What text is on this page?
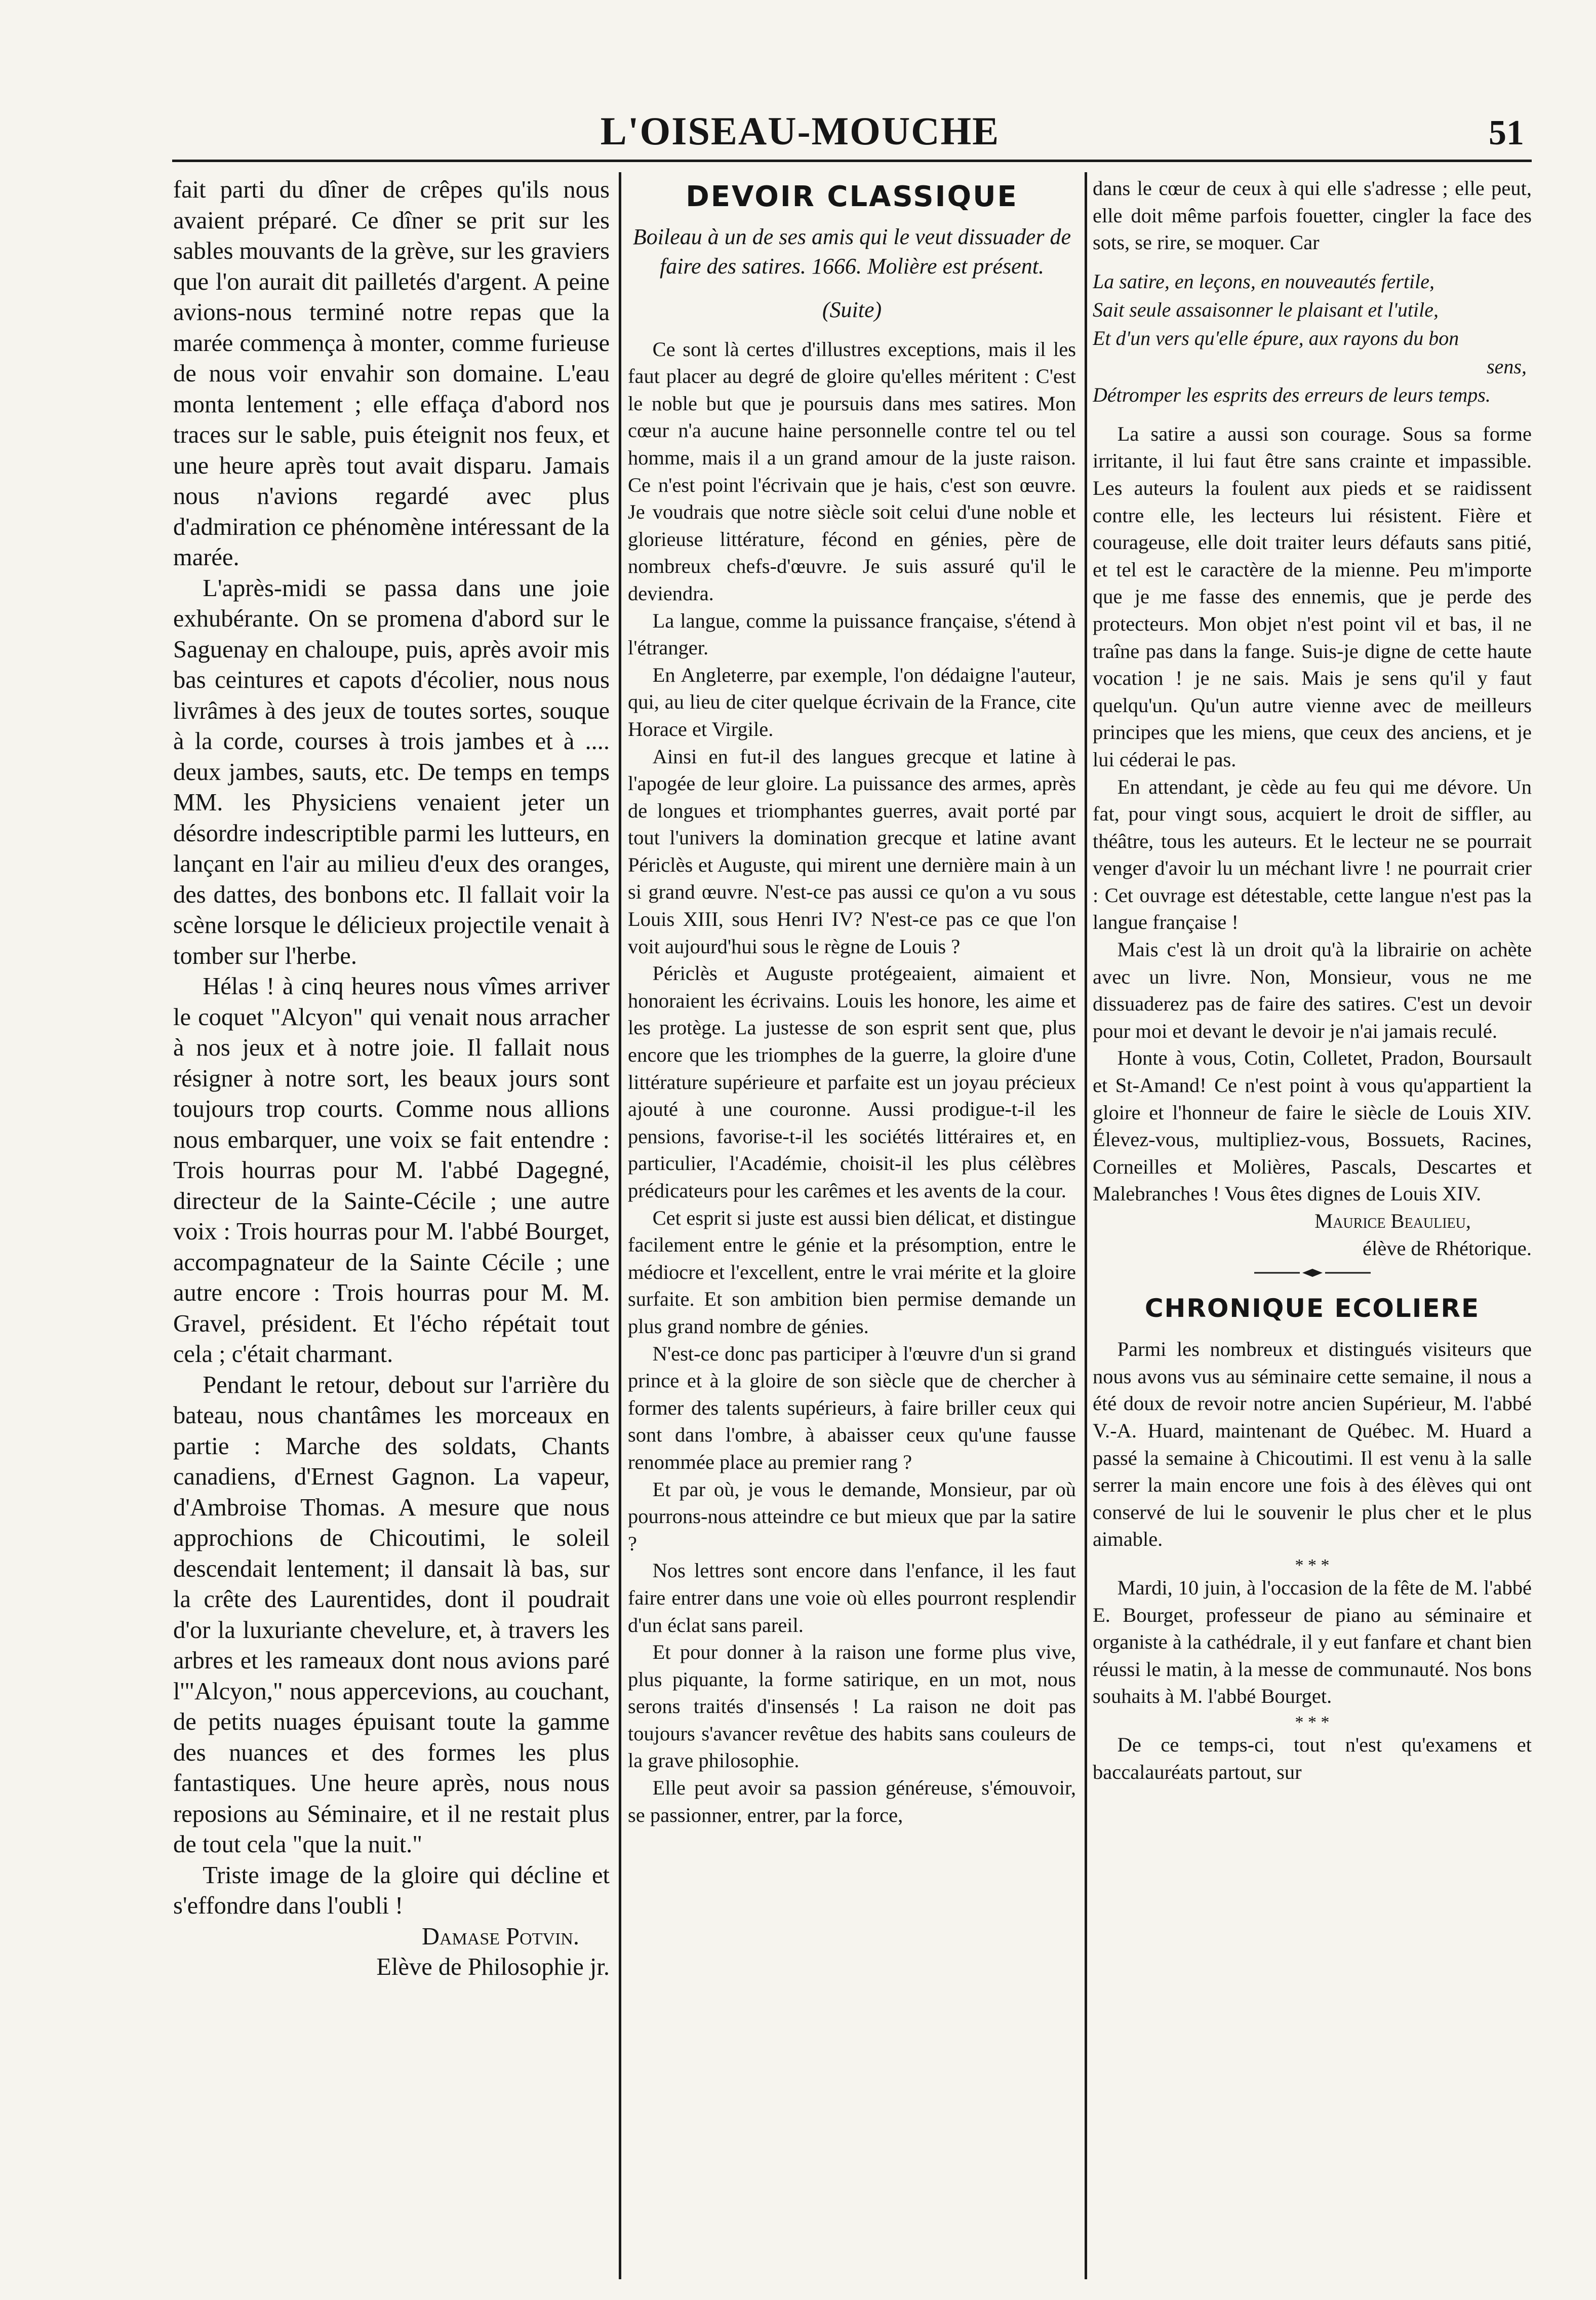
L'OISEAU-MOUCHE	51

fait parti du dîner de crêpes qu'ils nous avaient préparé. Ce dîner se prit sur les sables mouvants de la grève, sur les graviers que l'on aurait dit pailletés d'argent. A peine avions-nous terminé notre repas que la marée commença à monter, comme furieuse de nous voir envahir son domaine. L'eau monta lentement ; elle effaça d'abord nos traces sur le sable, puis éteignit nos feux, et une heure après tout avait disparu. Jamais nous n'avions regardé avec plus d'admiration ce phénomène intéressant de la marée.

L'après-midi se passa dans une joie exhubérante. On se promena d'abord sur le Saguenay en chaloupe, puis, après avoir mis bas ceintures et capots d'écolier, nous nous livrâmes à des jeux de toutes sortes, souque à la corde, courses à trois jambes et à .... deux jambes, sauts, etc. De temps en temps MM. les Physiciens venaient jeter un désordre indescriptible parmi les lutteurs, en lançant en l'air au milieu d'eux des oranges, des dattes, des bonbons etc. Il fallait voir la scène lorsque le délicieux projectile venait à tomber sur l'herbe.

Hélas ! à cinq heures nous vîmes arriver le coquet "Alcyon" qui venait nous arracher à nos jeux et à notre joie. Il fallait nous résigner à notre sort, les beaux jours sont toujours trop courts. Comme nous allions nous embarquer, une voix se fait entendre : Trois hourras pour M. l'abbé Dagegné, directeur de la Sainte-Cécile ; une autre voix : Trois hourras pour M. l'abbé Bourget, accompagnateur de la Sainte Cécile ; une autre encore : Trois hourras pour M. M. Gravel, président. Et l'écho répétait tout cela ; c'était charmant.

Pendant le retour, debout sur l'arrière du bateau, nous chantâmes les morceaux en partie : Marche des soldats, Chants canadiens, d'Ernest Gagnon. La vapeur, d'Ambroise Thomas. A mesure que nous approchions de Chicoutimi, le soleil descendait lentement; il dansait là bas, sur la crête des Laurentides, dont il poudrait d'or la luxuriante chevelure, et, à travers les arbres et les rameaux dont nous avions paré l'"Alcyon," nous appercevions, au couchant, de petits nuages épuisant toute la gamme des nuances et des formes les plus fantastiques. Une heure après, nous nous reposions au Séminaire, et il ne restait plus de tout cela "que la nuit."

Triste image de la gloire qui décline et s'effondre dans l'oubli !

Damase Potvin.

Elève de Philosophie jr.

DEVOIR CLASSIQUE

Boileau à un de ses amis qui le veut dissuader de faire des satires. 1666. Molière est présent.

(Suite)

Ce sont là certes d'illustres exceptions, mais il les faut placer au degré de gloire qu'elles méritent : C'est le noble but que je poursuis dans mes satires. Mon cœur n'a aucune haine personnelle contre tel ou tel homme, mais il a un grand amour de la juste raison. Ce n'est point l'écrivain que je hais, c'est son œuvre. Je voudrais que notre siècle soit celui d'une noble et glorieuse littérature, fécond en génies, père de nombreux chefs-d'œuvre. Je suis assuré qu'il le deviendra.

La langue, comme la puissance française, s'étend à l'étranger.

En Angleterre, par exemple, l'on dédaigne l'auteur, qui, au lieu de citer quelque écrivain de la France, cite Horace et Virgile.

Ainsi en fut-il des langues grecque et latine à l'apogée de leur gloire. La puissance des armes, après de longues et triomphantes guerres, avait porté par tout l'univers la domination grecque et latine avant Périclès et Auguste, qui mirent une dernière main à un si grand œuvre. N'est-ce pas aussi ce qu'on a vu sous Louis XIII, sous Henri IV? N'est-ce pas ce que l'on voit aujourd'hui sous le règne de Louis ?

Périclès et Auguste protégeaient, aimaient et honoraient les écrivains. Louis les honore, les aime et les protège. La justesse de son esprit sent que, plus encore que les triomphes de la guerre, la gloire d'une littérature supérieure et parfaite est un joyau précieux ajouté à une couronne. Aussi prodigue-t-il les pensions, favorise-t-il les sociétés littéraires et, en particulier, l'Académie, choisit-il les plus célèbres prédicateurs pour les carêmes et les avents de la cour.

Cet esprit si juste est aussi bien délicat, et distingue facilement entre le génie et la présomption, entre le médiocre et l'excellent, entre le vrai mérite et la gloire surfaite. Et son ambition bien permise demande un plus grand nombre de génies.

N'est-ce donc pas participer à l'œuvre d'un si grand prince et à la gloire de son siècle que de chercher à former des talents supérieurs, à faire briller ceux qui sont dans l'ombre, à abaisser ceux qu'une fausse renommée place au premier rang ?

Et par où, je vous le demande, Monsieur, par où pourrons-nous atteindre ce but mieux que par la satire ?

Nos lettres sont encore dans l'enfance, il les faut faire entrer dans une voie où elles pourront resplendir d'un éclat sans pareil.

Et pour donner à la raison une forme plus vive, plus piquante, la forme satirique, en un mot, nous serons traités d'insensés ! La raison ne doit pas toujours s'avancer revêtue des habits sans couleurs de la grave philosophie.

Elle peut avoir sa passion généreuse, s'émouvoir, se passionner, entrer, par la force,

dans le cœur de ceux à qui elle s'adresse ; elle peut, elle doit même parfois fouetter, cingler la face des sots, se rire, se moquer. Car

La satire, en leçons, en nouveautés fertile,
Sait seule assaisonner le plaisant et l'utile,
Et d'un vers qu'elle épure, aux rayons du bon
sens,
Détromper les esprits des erreurs de leurs temps.

La satire a aussi son courage. Sous sa forme irritante, il lui faut être sans crainte et impassible. Les auteurs la foulent aux pieds et se raidissent contre elle, les lecteurs lui résistent. Fière et courageuse, elle doit traiter leurs défauts sans pitié, et tel est le caractère de la mienne. Peu m'importe que je me fasse des ennemis, que je perde des protecteurs. Mon objet n'est point vil et bas, il ne traîne pas dans la fange. Suis-je digne de cette haute vocation ! je ne sais. Mais je sens qu'il y faut quelqu'un. Qu'un autre vienne avec de meilleurs principes que les miens, que ceux des anciens, et je lui céderai le pas.

En attendant, je cède au feu qui me dévore. Un fat, pour vingt sous, acquiert le droit de siffler, au théâtre, tous les auteurs. Et le lecteur ne se pourrait venger d'avoir lu un méchant livre ! ne pourrait crier : Cet ouvrage est détestable, cette langue n'est pas la langue française !

Mais c'est là un droit qu'à la librairie on achète avec un livre. Non, Monsieur, vous ne me dissuaderez pas de faire des satires. C'est un devoir pour moi et devant le devoir je n'ai jamais reculé.

Honte à vous, Cotin, Colletet, Pradon, Boursault et St-Amand! Ce n'est point à vous qu'appartient la gloire et l'honneur de faire le siècle de Louis XIV. Élevez-vous, multipliez-vous, Bossuets, Racines, Corneilles et Molières, Pascals, Descartes et Malebranches ! Vous êtes dignes de Louis XIV.

Maurice Beaulieu,

élève de Rhétorique.

CHRONIQUE ECOLIERE

Parmi les nombreux et distingués visiteurs que nous avons vus au séminaire cette semaine, il nous a été doux de revoir notre ancien Supérieur, M. l'abbé V.-A. Huard, maintenant de Québec. M. Huard a passé la semaine à Chicoutimi. Il est venu à la salle serrer la main encore une fois à des élèves qui ont conservé de lui le souvenir le plus cher et le plus aimable.

* * *

Mardi, 10 juin, à l'occasion de la fête de M. l'abbé E. Bourget, professeur de piano au séminaire et organiste à la cathédrale, il y eut fanfare et chant bien réussi le matin, à la messe de communauté. Nos bons souhaits à M. l'abbé Bourget.

* * *

De ce temps-ci, tout n'est qu'examens et baccalauréats partout, sur
